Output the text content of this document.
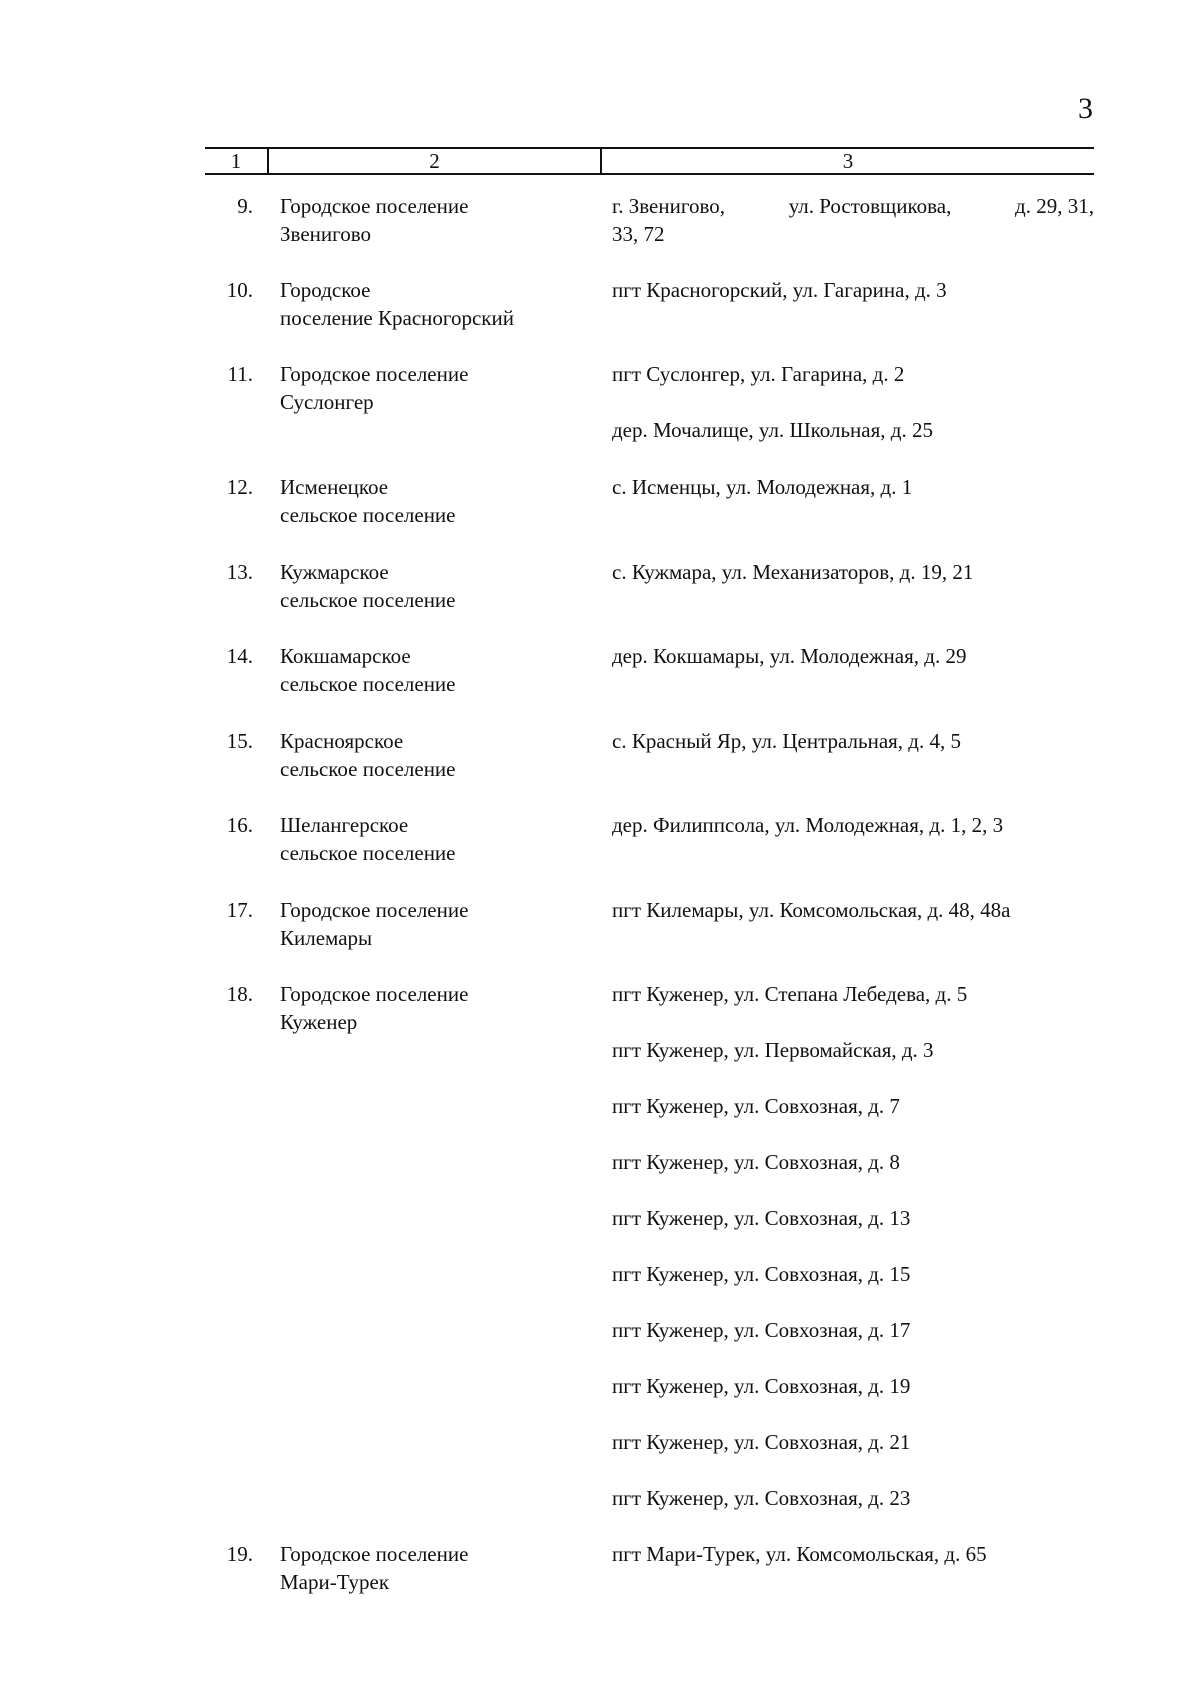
3
1	2	3
9. Городское поселение
Звенигово
г. Звенигово,	ул. Ростовщикова,	д. 29, 31,
33, 72
10. Городское
поселение Красногорский
пгт Красногорский, ул. Гагарина, д. 3
11. Городское поселение
Суслонгер
пгт Суслонгер, ул. Гагарина, д. 2
дер. Мочалище, ул. Школьная, д. 25
12. Исменецкое
сельское поселение
с. Исменцы, ул. Молодежная, д. 1
13. Кужмарское
сельское поселение
с. Кужмара, ул. Механизаторов, д. 19, 21
14. Кокшамарское
сельское поселение
дер. Кокшамары, ул. Молодежная, д. 29
15. Красноярское
сельское поселение
с. Красный Яр, ул. Центральная, д. 4, 5
16. Шелангерское
сельское поселение
дер. Филиппсола, ул. Молодежная, д. 1, 2, 3
17. Городское поселение
Килемары
пгт Килемары, ул. Комсомольская, д. 48, 48а
18. Городское поселение
Куженер
пгт Куженер, ул. Степана Лебедева, д. 5
пгт Куженер, ул. Первомайская, д. 3
пгт Куженер, ул. Совхозная, д. 7
пгт Куженер, ул. Совхозная, д. 8
пгт Куженер, ул. Совхозная, д. 13
пгт Куженер, ул. Совхозная, д. 15
пгт Куженер, ул. Совхозная, д. 17
пгт Куженер, ул. Совхозная, д. 19
пгт Куженер, ул. Совхозная, д. 21
пгт Куженер, ул. Совхозная, д. 23
19. Городское поселение
Мари-Турек
пгт Мари-Турек, ул. Комсомольская, д. 65
